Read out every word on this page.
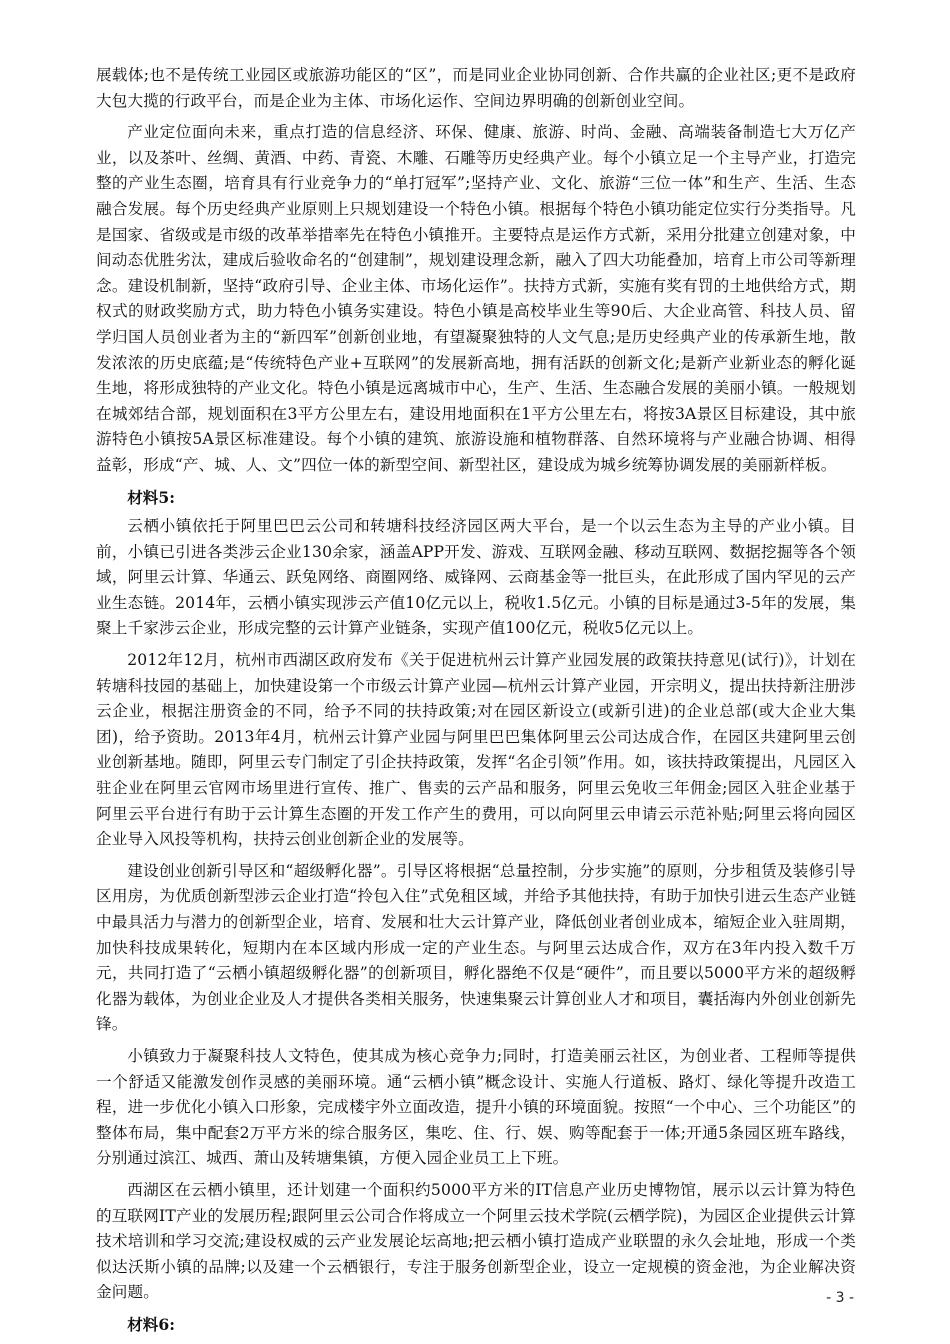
展载体;也不是传统工业园区或旅游功能区的“区”，而是同业企业协同创新、合作共赢的企业社区;更不是政府大包大揽的行政平台，而是企业为主体、市场化运作、空间边界明确的创新创业空间。

产业定位面向未来，重点打造的信息经济、环保、健康、旅游、时尚、金融、高端装备制造七大万亿产业，以及茶叶、丝绸、黄酒、中药、青瓷、木雕、石雕等历史经典产业。每个小镇立足一个主导产业，打造完整的产业生态圈，培育具有行业竞争力的“单打冠军”;坚持产业、文化、旅游“三位一体”和生产、生活、生态融合发展。每个历史经典产业原则上只规划建设一个特色小镇。根据每个特色小镇功能定位实行分类指导。凡是国家、省级或是市级的改革举措率先在特色小镇推开。主要特点是运作方式新，采用分批建立创建对象，中间动态优胜劣汰，建成后验收命名的“创建制”，规划建设理念新，融入了四大功能叠加，培育上市公司等新理念。建设机制新，坚持“政府引导、企业主体、市场化运作”。扶持方式新，实施有奖有罚的土地供给方式，期权式的财政奖励方式，助力特色小镇务实建设。特色小镇是高校毕业生等90后、大企业高管、科技人员、留学归国人员创业者为主的“新四军”创新创业地，有望凝聚独特的人文气息;是历史经典产业的传承新生地，散发浓浓的历史底蕴;是“传统特色产业+互联网”的发展新高地，拥有活跃的创新文化;是新产业新业态的孵化诞生地，将形成独特的产业文化。特色小镇是远离城市中心，生产、生活、生态融合发展的美丽小镇。一般规划在城郊结合部，规划面积在3平方公里左右，建设用地面积在1平方公里左右，将按3A景区目标建设，其中旅游特色小镇按5A景区标准建设。每个小镇的建筑、旅游设施和植物群落、自然环境将与产业融合协调、相得益彰，形成“产、城、人、文”四位一体的新型空间、新型社区，建设成为城乡统筹协调发展的美丽新样板。

材料5:

云栖小镇依托于阿里巴巴云公司和转塘科技经济园区两大平台，是一个以云生态为主导的产业小镇。目前，小镇已引进各类涉云企业130余家，涵盖APP开发、游戏、互联网金融、移动互联网、数据挖掘等各个领域，阿里云计算、华通云、跃兔网络、商圈网络、威锋网、云商基金等一批巨头，在此形成了国内罕见的云产业生态链。2014年，云栖小镇实现涉云产值10亿元以上，税收1.5亿元。小镇的目标是通过3-5年的发展，集聚上千家涉云企业，形成完整的云计算产业链条，实现产值100亿元，税收5亿元以上。

2012年12月，杭州市西湖区政府发布《关于促进杭州云计算产业园发展的政策扶持意见(试行)》，计划在转塘科技园的基础上，加快建设第一个市级云计算产业园—杭州云计算产业园，开宗明义，提出扶持新注册涉云企业，根据注册资金的不同，给予不同的扶持政策;对在园区新设立(或新引进)的企业总部(或大企业大集团)，给予资助。2013年4月，杭州云计算产业园与阿里巴巴集体阿里云公司达成合作，在园区共建阿里云创业创新基地。随即，阿里云专门制定了引企扶持政策，发挥“名企引领”作用。如，该扶持政策提出，凡园区入驻企业在阿里云官网市场里进行宣传、推广、售卖的云产品和服务，阿里云免收三年佣金;园区入驻企业基于阿里云平台进行有助于云计算生态圈的开发工作产生的费用，可以向阿里云申请云示范补贴;阿里云将向园区企业导入风投等机构，扶持云创业创新企业的发展等。

建设创业创新引导区和“超级孵化器”。引导区将根据“总量控制，分步实施”的原则，分步租赁及装修引导区用房，为优质创新型涉云企业打造“拎包入住”式免租区域，并给予其他扶持，有助于加快引进云生态产业链中最具活力与潜力的创新型企业，培育、发展和壮大云计算产业，降低创业者创业成本，缩短企业入驻周期，加快科技成果转化，短期内在本区域内形成一定的产业生态。与阿里云达成合作，双方在3年内投入数千万元，共同打造了“云栖小镇超级孵化器”的创新项目，孵化器绝不仅是“硬件”，而且要以5000平方米的超级孵化器为载体，为创业企业及人才提供各类相关服务，快速集聚云计算创业人才和项目，囊括海内外创业创新先锋。

小镇致力于凝聚科技人文特色，使其成为核心竞争力;同时，打造美丽云社区，为创业者、工程师等提供一个舒适又能激发创作灵感的美丽环境。通“云栖小镇”概念设计、实施人行道板、路灯、绿化等提升改造工程，进一步优化小镇入口形象，完成楼宇外立面改造，提升小镇的环境面貌。按照“一个中心、三个功能区”的整体布局，集中配套2万平方米的综合服务区，集吃、住、行、娱、购等配套于一体;开通5条园区班车路线，分别通过滨江、城西、萧山及转塘集镇，方便入园企业员工上下班。

西湖区在云栖小镇里，还计划建一个面积约5000平方米的IT信息产业历史博物馆，展示以云计算为特色的互联网IT产业的发展历程;跟阿里云公司合作将成立一个阿里云技术学院(云栖学院)，为园区企业提供云计算技术培训和学习交流;建设权威的云产业发展论坛高地;把云栖小镇打造成产业联盟的永久会址地，形成一个类似达沃斯小镇的品牌;以及建一个云栖银行，专注于服务创新型企业，设立一定规模的资金池，为企业解决资金问题。

材料6:

- 3 -
